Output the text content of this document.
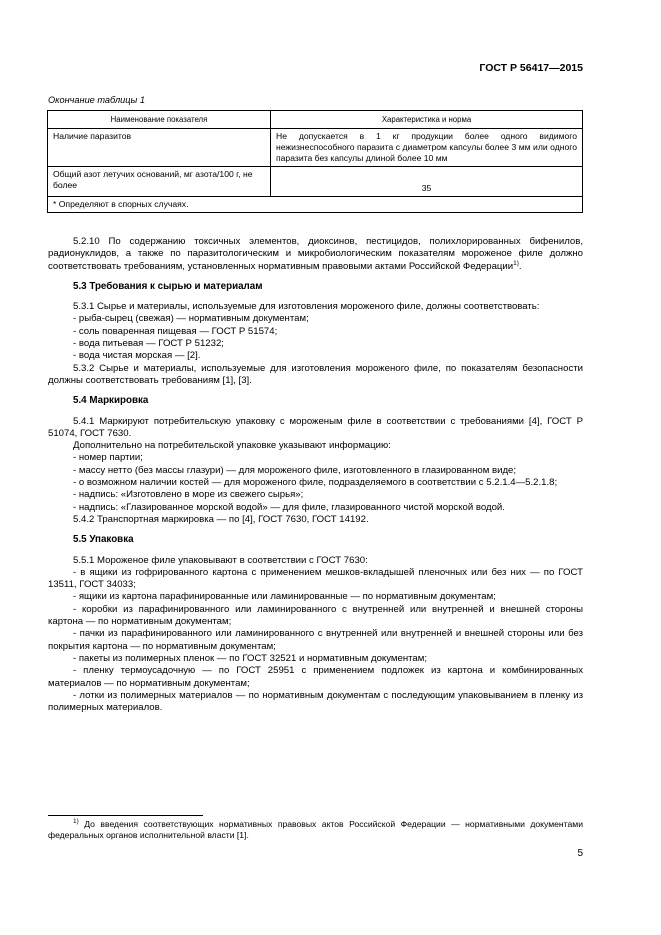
ГОСТ Р 56417—2015
Окончание таблицы 1
Наименование показателя	Характеристика и норма
Наличие паразитов	Не допускается в 1 кг продукции более одного видимого нежизнеспособного паразита с диаметром капсулы более 3 мм или одного паразита без капсулы длиной более 10 мм
Общий азот летучих оснований, мг азота/100 г, не более	35
* Определяют в спорных случаях.	

5.2.10 По содержанию токсичных элементов, диоксинов, пестицидов, полихлорированных бифенилов, радионуклидов, а также по паразитологическим и микробиологическим показателям мороженое филе должно соответствовать требованиям, установленных нормативным правовыми актами Российской Федерации$^{1)}$.

5.3 Требования к сырью и материалам

5.3.1 Сырье и материалы, используемые для изготовления мороженого филе, должны соответствовать:

- рыба-сырец (свежая) — нормативным документам;

- соль поваренная пищевая — ГОСТ Р 51574;

- вода питьевая — ГОСТ Р 51232;

- вода чистая морская — [2].

5.3.2 Сырье и материалы, используемые для изготовления мороженого филе, по показателям безопасности должны соответствовать требованиям [1], [3].

5.4 Маркировка

5.4.1 Маркируют потребительскую упаковку с мороженым филе в соответствии с требованиями [4], ГОСТ Р 51074, ГОСТ 7630.

Дополнительно на потребительской упаковке указывают информацию:

- номер партии;

- массу нетто (без массы глазури) — для мороженого филе, изготовленного в глазированном виде;

- о возможном наличии костей — для мороженого филе, подразделяемого в соответствии с 5.2.1.4—5.2.1.8;

- надпись: «Изготовлено в море из свежего сырья»;

- надпись: «Глазированное морской водой» — для филе, глазированного чистой морской водой.

5.4.2 Транспортная маркировка — по [4], ГОСТ 7630, ГОСТ 14192.

5.5 Упаковка

5.5.1 Мороженое филе упаковывают в соответствии с ГОСТ 7630:

- в ящики из гофрированного картона с применением мешков-вкладышей пленочных или без них — по ГОСТ 13511, ГОСТ 34033;

- ящики из картона парафинированные или ламинированные — по нормативным документам;

- коробки из парафинированного или ламинированного с внутренней или внутренней и внешней стороны картона — по нормативным документам;

- пачки из парафинированного или ламинированного с внутренней или внутренней и внешней стороны или без покрытия картона — по нормативным документам;

- пакеты из полимерных пленок — по ГОСТ 32521 и нормативным документам;

- пленку термоусадочную — по ГОСТ 25951 с применением подложек из картона и комбинированных материалов — по нормативным документам;

- лотки из полимерных материалов — по нормативным документам с последующим упаковыванием в пленку из полимерных материалов.

$^{1)}$ До введения соответствующих нормативных правовых актов Российской Федерации — нормативными документами федеральных органов исполнительной власти [1].
5
